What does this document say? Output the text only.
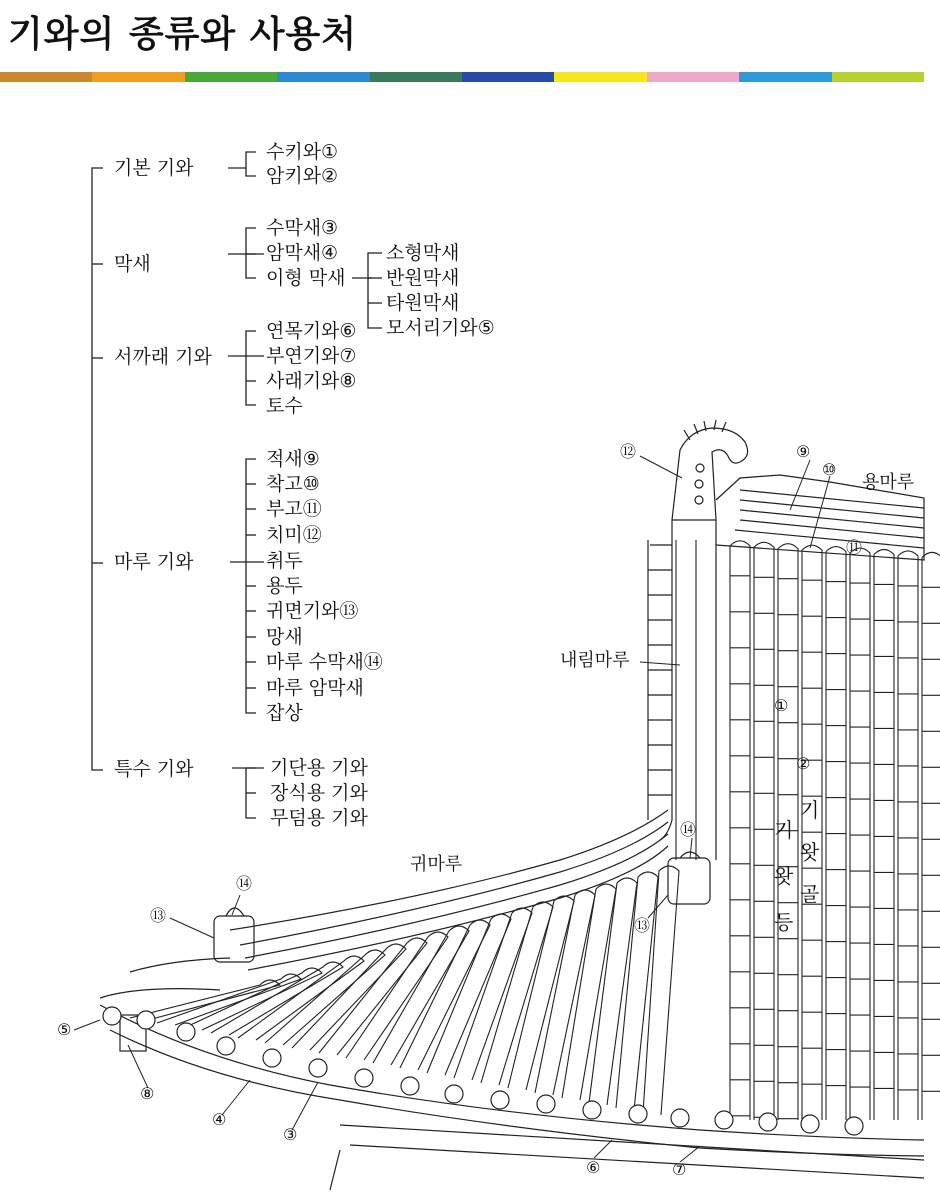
기와의 종류와 사용처
기본 기와
수키와①
암키와②
막새
수막새③
암막새④
이형 막새
소형막새
반원막새
타원막새
모서리기와⑤
서까래 기와
연목기와⑥
부연기와⑦
사래기와⑧
토수
마루 기와
적새⑨
착고⑩
부고⑪
치미⑫
취두
용두
귀면기와⑬
망새
마루 수막새⑭
마루 암막새
잡상
특수 기와	기단용 기와
장식용 기와
무덤용 기와
용마루
내림마루
귀마루
기
왓
골
기
왓
등
①
②
③
④
⑤
⑥	⑦
⑧
⑨
⑩
⑪
⑫
⑬
⑬
⑭
⑭
